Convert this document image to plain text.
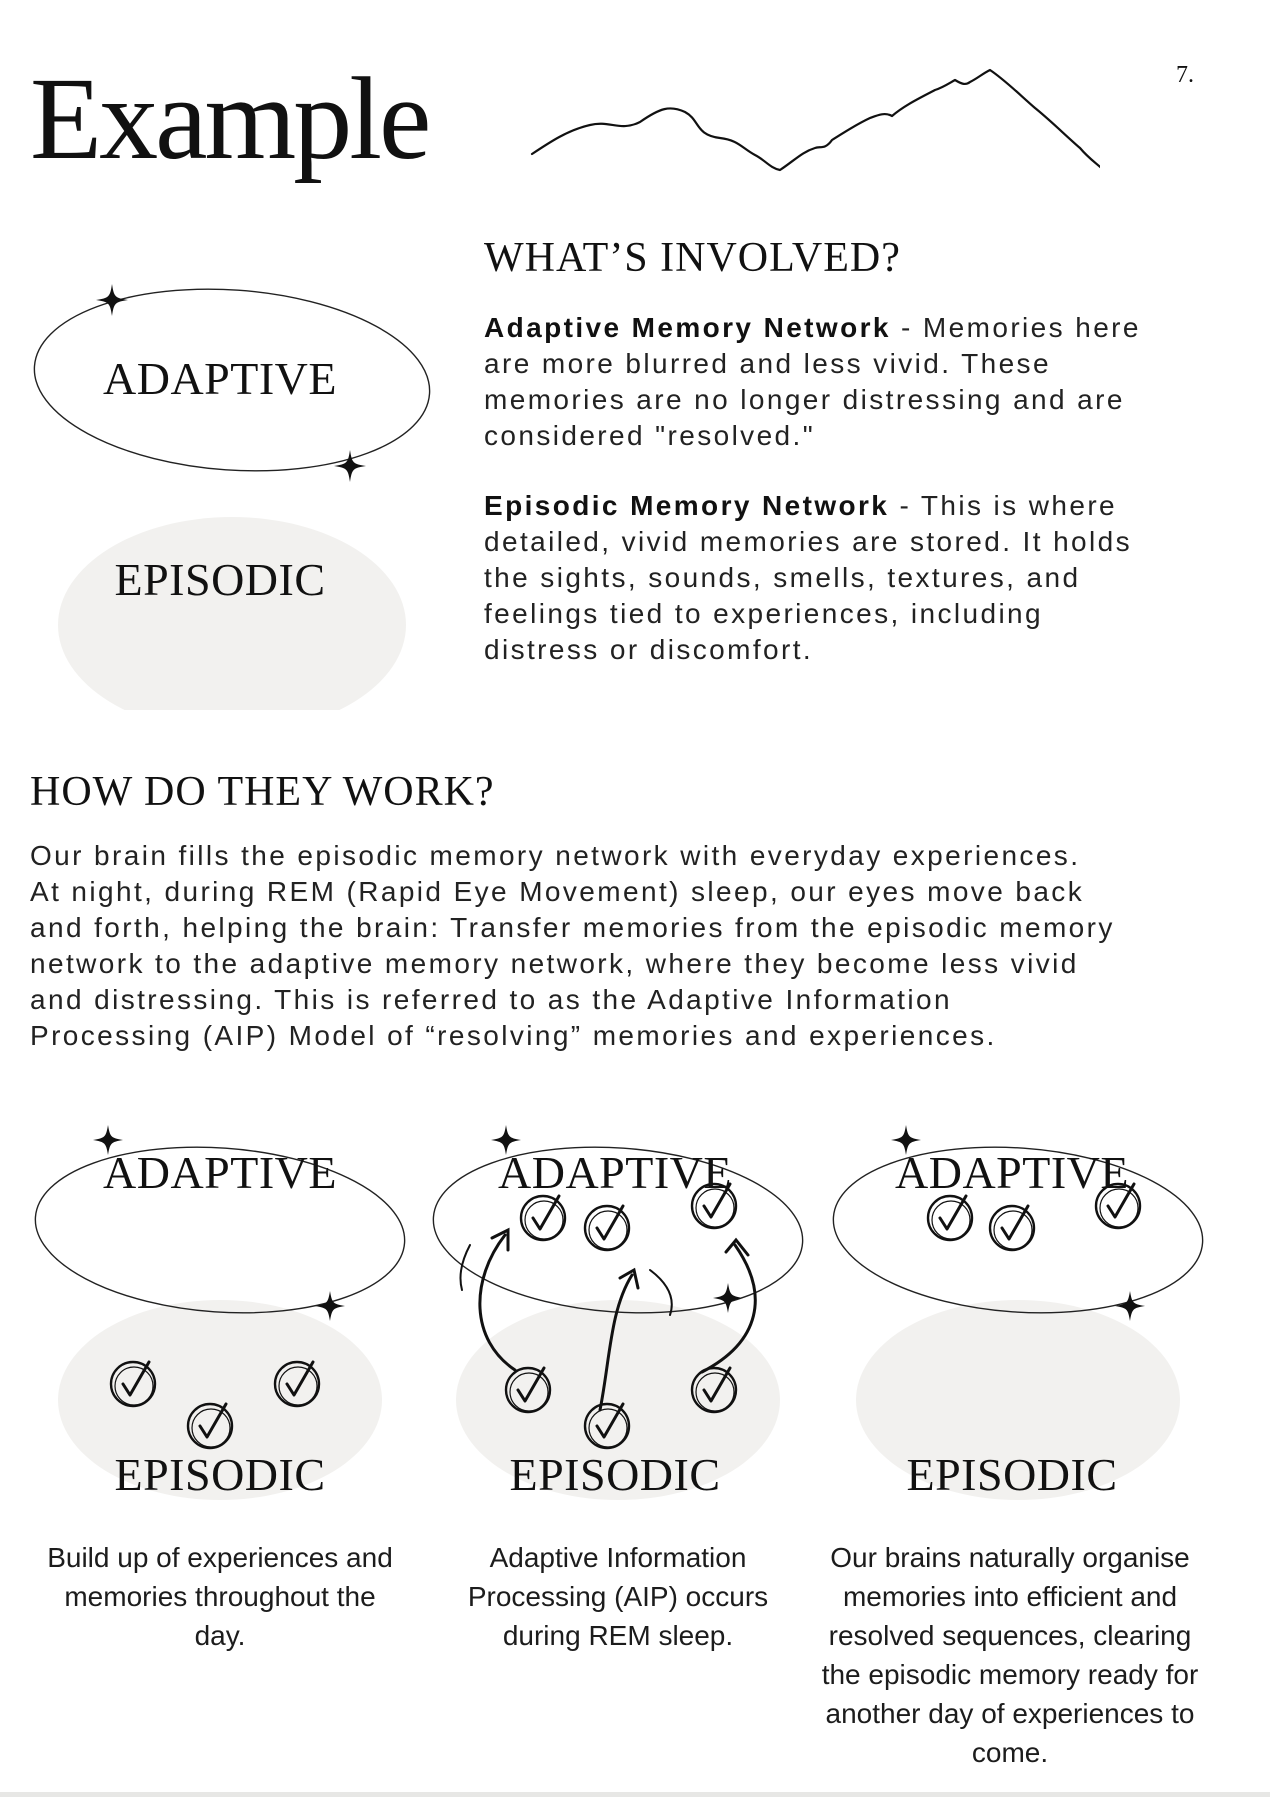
Example	7.
ADAPTIVE
EPISODIC
WHAT’S INVOLVED?
Adaptive Memory Network - Memories here
are more blurred and less vivid. These
memories are no longer distressing and are
considered "resolved."
Episodic Memory Network - This is where
detailed, vivid memories are stored. It holds
the sights, sounds, smells, textures, and
feelings tied to experiences, including
distress or discomfort.
HOW DO THEY WORK?
Our brain fills the episodic memory network with everyday experiences.
At night, during REM (Rapid Eye Movement) sleep, our eyes move back
and forth, helping the brain: Transfer memories from the episodic memory
network to the adaptive memory network, where they become less vivid
and distressing. This is referred to as the Adaptive Information
Processing (AIP) Model of “resolving” memories and experiences.
ADAPTIVE
EPISODIC
ADAPTIVE
EPISODIC
ADAPTIVE
EPISODIC
Build up of experiences and
memories throughout the
day.
Adaptive Information
Processing (AIP) occurs
during REM sleep.
Our brains naturally organise
memories into efficient and
resolved sequences, clearing
the episodic memory ready for
another day of experiences to
come.
